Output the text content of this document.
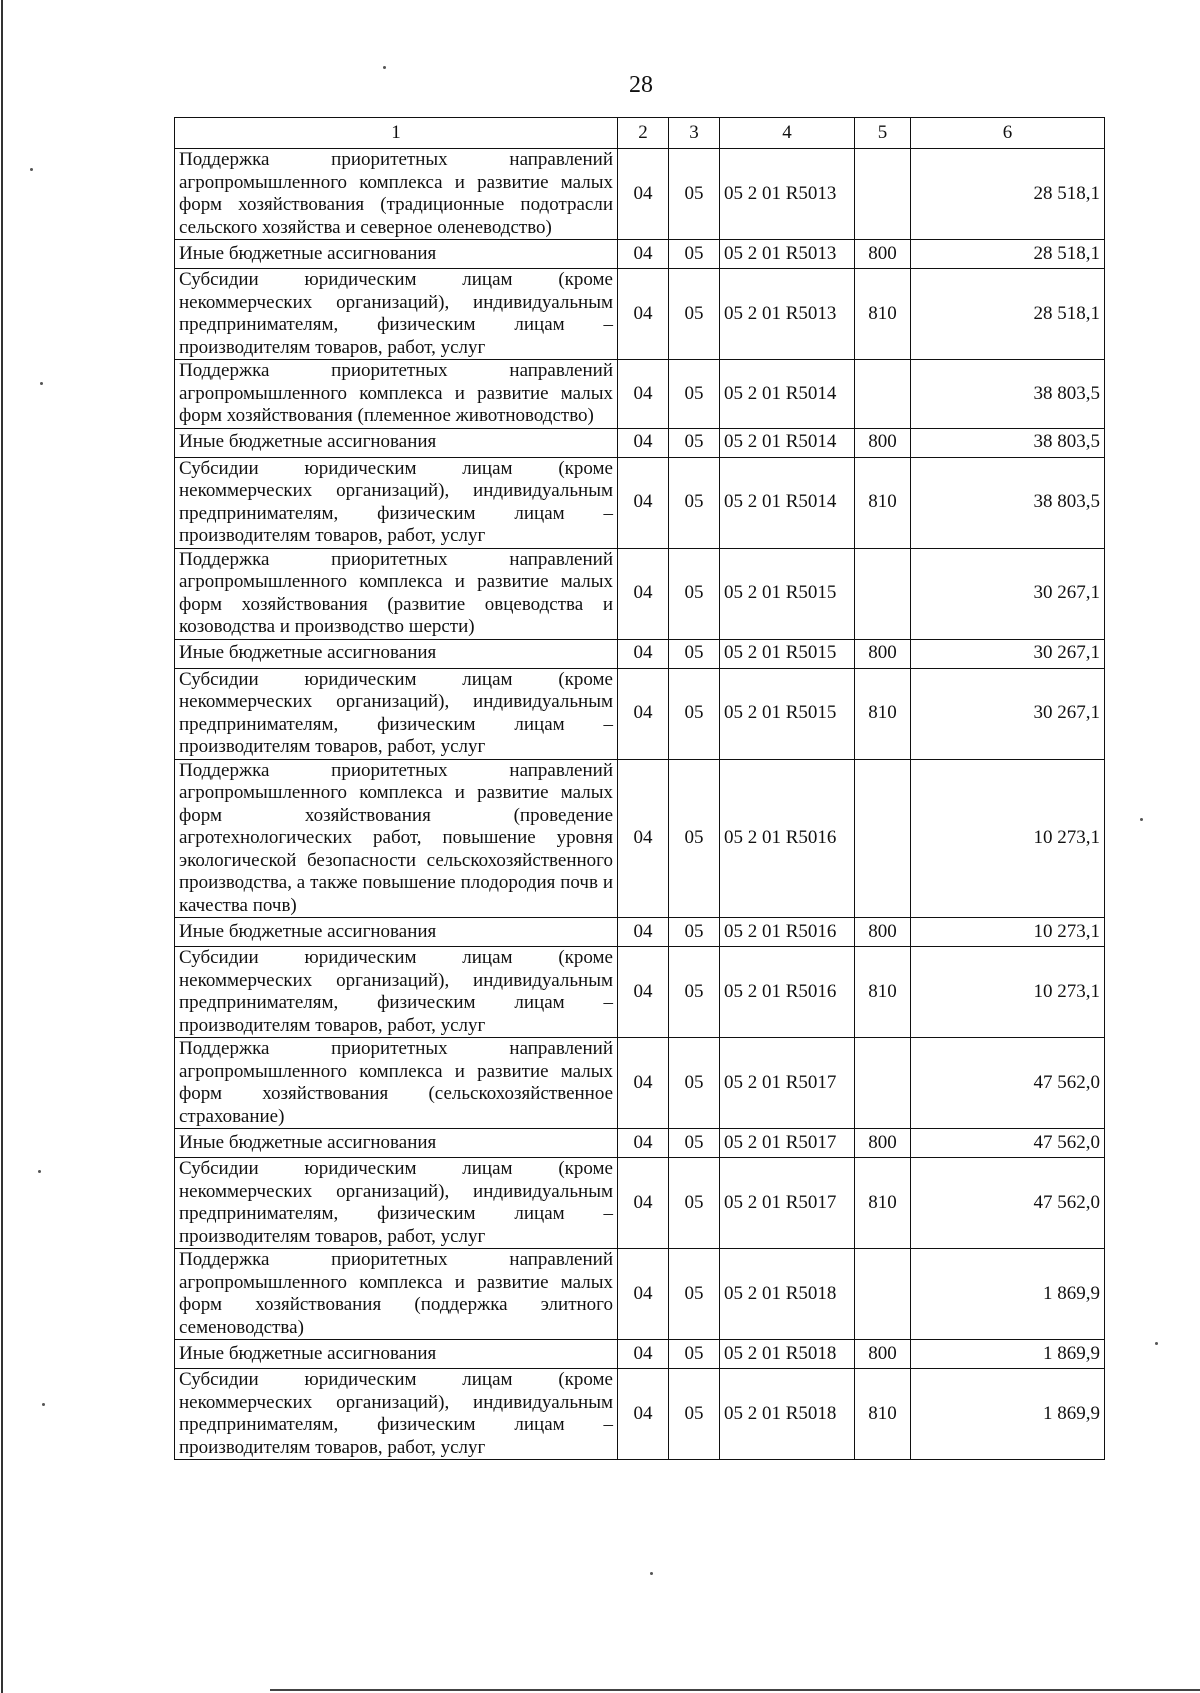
28
1	2	3	4	5	6
Поддержка приоритетных направлений агропромышленного комплекса и развитие малых форм хозяйствования (традиционные подотрасли сельского хозяйства и северное оленеводство)	04	05	05 2 01 R5013		28 518,1
Иные бюджетные ассигнования	04	05	05 2 01 R5013	800	28 518,1
Субсидии юридическим лицам (кроме некоммерческих организаций), индивидуальным предпринимателям, физическим лицам – производителям товаров, работ, услуг	04	05	05 2 01 R5013	810	28 518,1
Поддержка приоритетных направлений агропромышленного комплекса и развитие малых форм хозяйствования (племенное животноводство)	04	05	05 2 01 R5014		38 803,5
Иные бюджетные ассигнования	04	05	05 2 01 R5014	800	38 803,5
Субсидии юридическим лицам (кроме некоммерческих организаций), индивидуальным предпринимателям, физическим лицам – производителям товаров, работ, услуг	04	05	05 2 01 R5014	810	38 803,5
Поддержка приоритетных направлений агропромышленного комплекса и развитие малых форм хозяйствования (развитие овцеводства и козоводства и производство шерсти)	04	05	05 2 01 R5015		30 267,1
Иные бюджетные ассигнования	04	05	05 2 01 R5015	800	30 267,1
Субсидии юридическим лицам (кроме некоммерческих организаций), индивидуальным предпринимателям, физическим лицам – производителям товаров, работ, услуг	04	05	05 2 01 R5015	810	30 267,1
Поддержка приоритетных направлений агропромышленного комплекса и развитие малых форм хозяйствования (проведение агротехнологических работ, повышение уровня экологической безопасности сельскохозяйственного производства, а также повышение плодородия почв и качества почв)	04	05	05 2 01 R5016		10 273,1
Иные бюджетные ассигнования	04	05	05 2 01 R5016	800	10 273,1
Субсидии юридическим лицам (кроме некоммерческих организаций), индивидуальным предпринимателям, физическим лицам – производителям товаров, работ, услуг	04	05	05 2 01 R5016	810	10 273,1
Поддержка приоритетных направлений агропромышленного комплекса и развитие малых форм хозяйствования (сельскохозяйственное страхование)	04	05	05 2 01 R5017		47 562,0
Иные бюджетные ассигнования	04	05	05 2 01 R5017	800	47 562,0
Субсидии юридическим лицам (кроме некоммерческих организаций), индивидуальным предпринимателям, физическим лицам – производителям товаров, работ, услуг	04	05	05 2 01 R5017	810	47 562,0
Поддержка приоритетных направлений агропромышленного комплекса и развитие малых форм хозяйствования (поддержка элитного семеноводства)	04	05	05 2 01 R5018		1 869,9
Иные бюджетные ассигнования	04	05	05 2 01 R5018	800	1 869,9
Субсидии юридическим лицам (кроме некоммерческих организаций), индивидуальным предпринимателям, физическим лицам – производителям товаров, работ, услуг	04	05	05 2 01 R5018	810	1 869,9
